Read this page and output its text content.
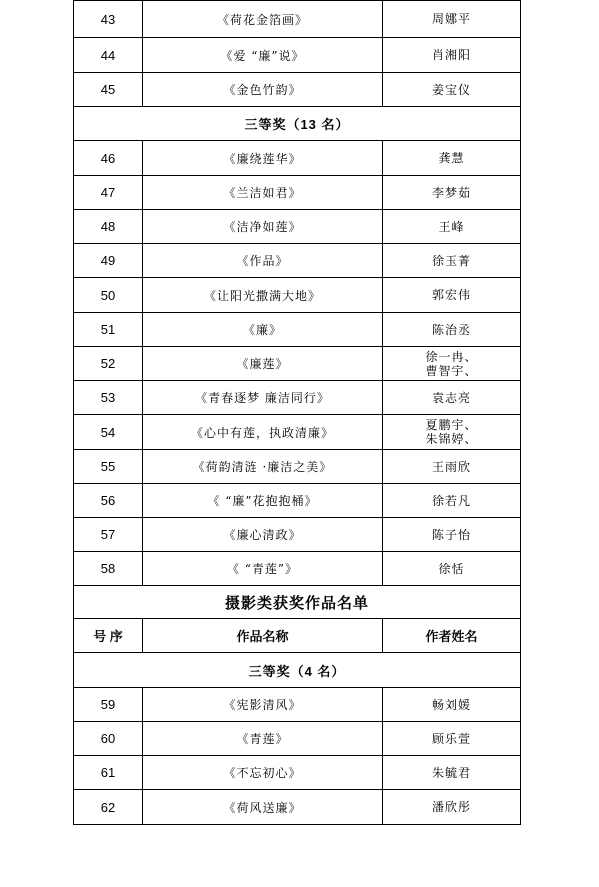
43	《荷花金箔画》	周娜平

44	《爱 “廉”说》	肖湘阳

45	《金色竹韵》	姜宝仪

三等奖（13 名）		
46	《廉绕莲华》	龚慧

47	《兰洁如君》	李梦茹

48	《洁净如莲》	王峰

49	《作品》	徐玉菁

50	《让阳光撒满大地》	郭宏伟

51	《廉》	陈治丞

52	《廉莲》	徐一冉、
曹智宇、

53	《青春逐梦 廉洁同行》	袁志亮

54	《心中有莲，执政清廉》	夏鹏宇、
朱锦婷、

55	《荷韵清涟 ·廉洁之美》	王雨欣

56	《 “廉”花抱抱桶》	徐若凡

57	《廉心清政》	陈子怡

58	《 “青莲”》	徐恬

摄影类获奖作品名单		
号 序	作品名称	作者姓名
三等奖（4 名）		
59	《宪影清风》	畅刘媛

60	《青莲》	顾乐萱

61	《不忘初心》	朱毓君

62	《荷风送廉》	潘欣彤
